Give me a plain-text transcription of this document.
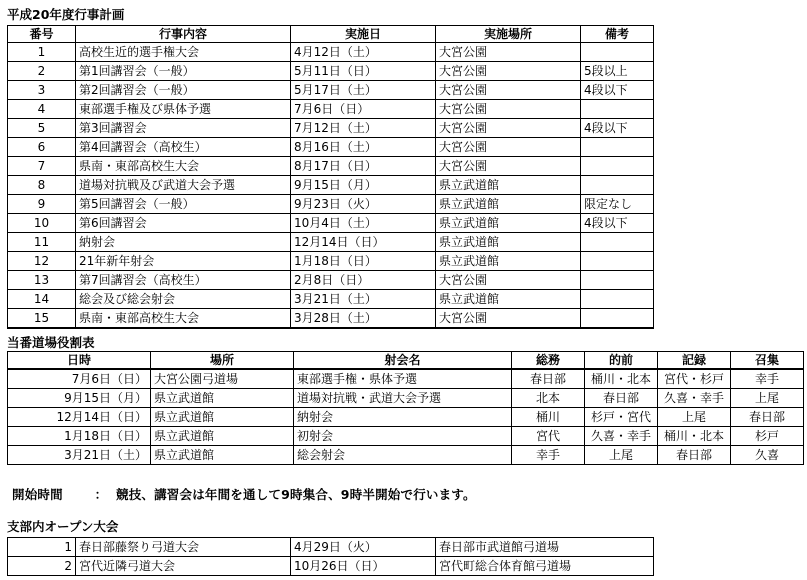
平成20年度行事計画
番号	行事内容	実施日	実施場所	備考
1	高校生近的選手権大会	4月12日（土）	大宮公園	
2	第1回講習会（一般）	5月11日（日）	大宮公園	5段以上
3	第2回講習会（一般）	5月17日（土）	大宮公園	4段以下
4	東部選手権及び県体予選	7月6日（日）	大宮公園	
5	第3回講習会	7月12日（土）	大宮公園	4段以下
6	第4回講習会（高校生）	8月16日（土）	大宮公園	
7	県南・東部高校生大会	8月17日（日）	大宮公園	
8	道場対抗戦及び武道大会予選	9月15日（月）	県立武道館	
9	第5回講習会（一般）	9月23日（火）	県立武道館	限定なし
10	第6回講習会	10月4日（土）	県立武道館	4段以下
11	納射会	12月14日（日）	県立武道館	
12	21年新年射会	1月18日（日）	県立武道館	
13	第7回講習会（高校生）	2月8日（日）	大宮公園	
14	総会及び総会射会	3月21日（土）	県立武道館	
15	県南・東部高校生大会	3月28日（土）	大宮公園	
当番道場役割表
日時	場所	射会名	総務	的前	記録	召集
7月6日（日）	大宮公園弓道場	東部選手権・県体予選	春日部	桶川・北本	宮代・杉戸	幸手
9月15日（月）	県立武道館	道場対抗戦・武道大会予選	北本	春日部	久喜・幸手	上尾
12月14日（日）	県立武道館	納射会	桶川	杉戸・宮代	上尾	春日部
1月18日（日）	県立武道館	初射会	宮代	久喜・幸手	桶川・北本	杉戸
3月21日（土）	県立武道館	総会射会	幸手	上尾	春日部	久喜
開始時間	： 競技、講習会は年間を通して9時集合、9時半開始で行います。
支部内オープン大会
1	春日部藤祭り弓道大会	4月29日（火）	春日部市武道館弓道場
2	宮代近隣弓道大会	10月26日（日）	宮代町総合体育館弓道場
